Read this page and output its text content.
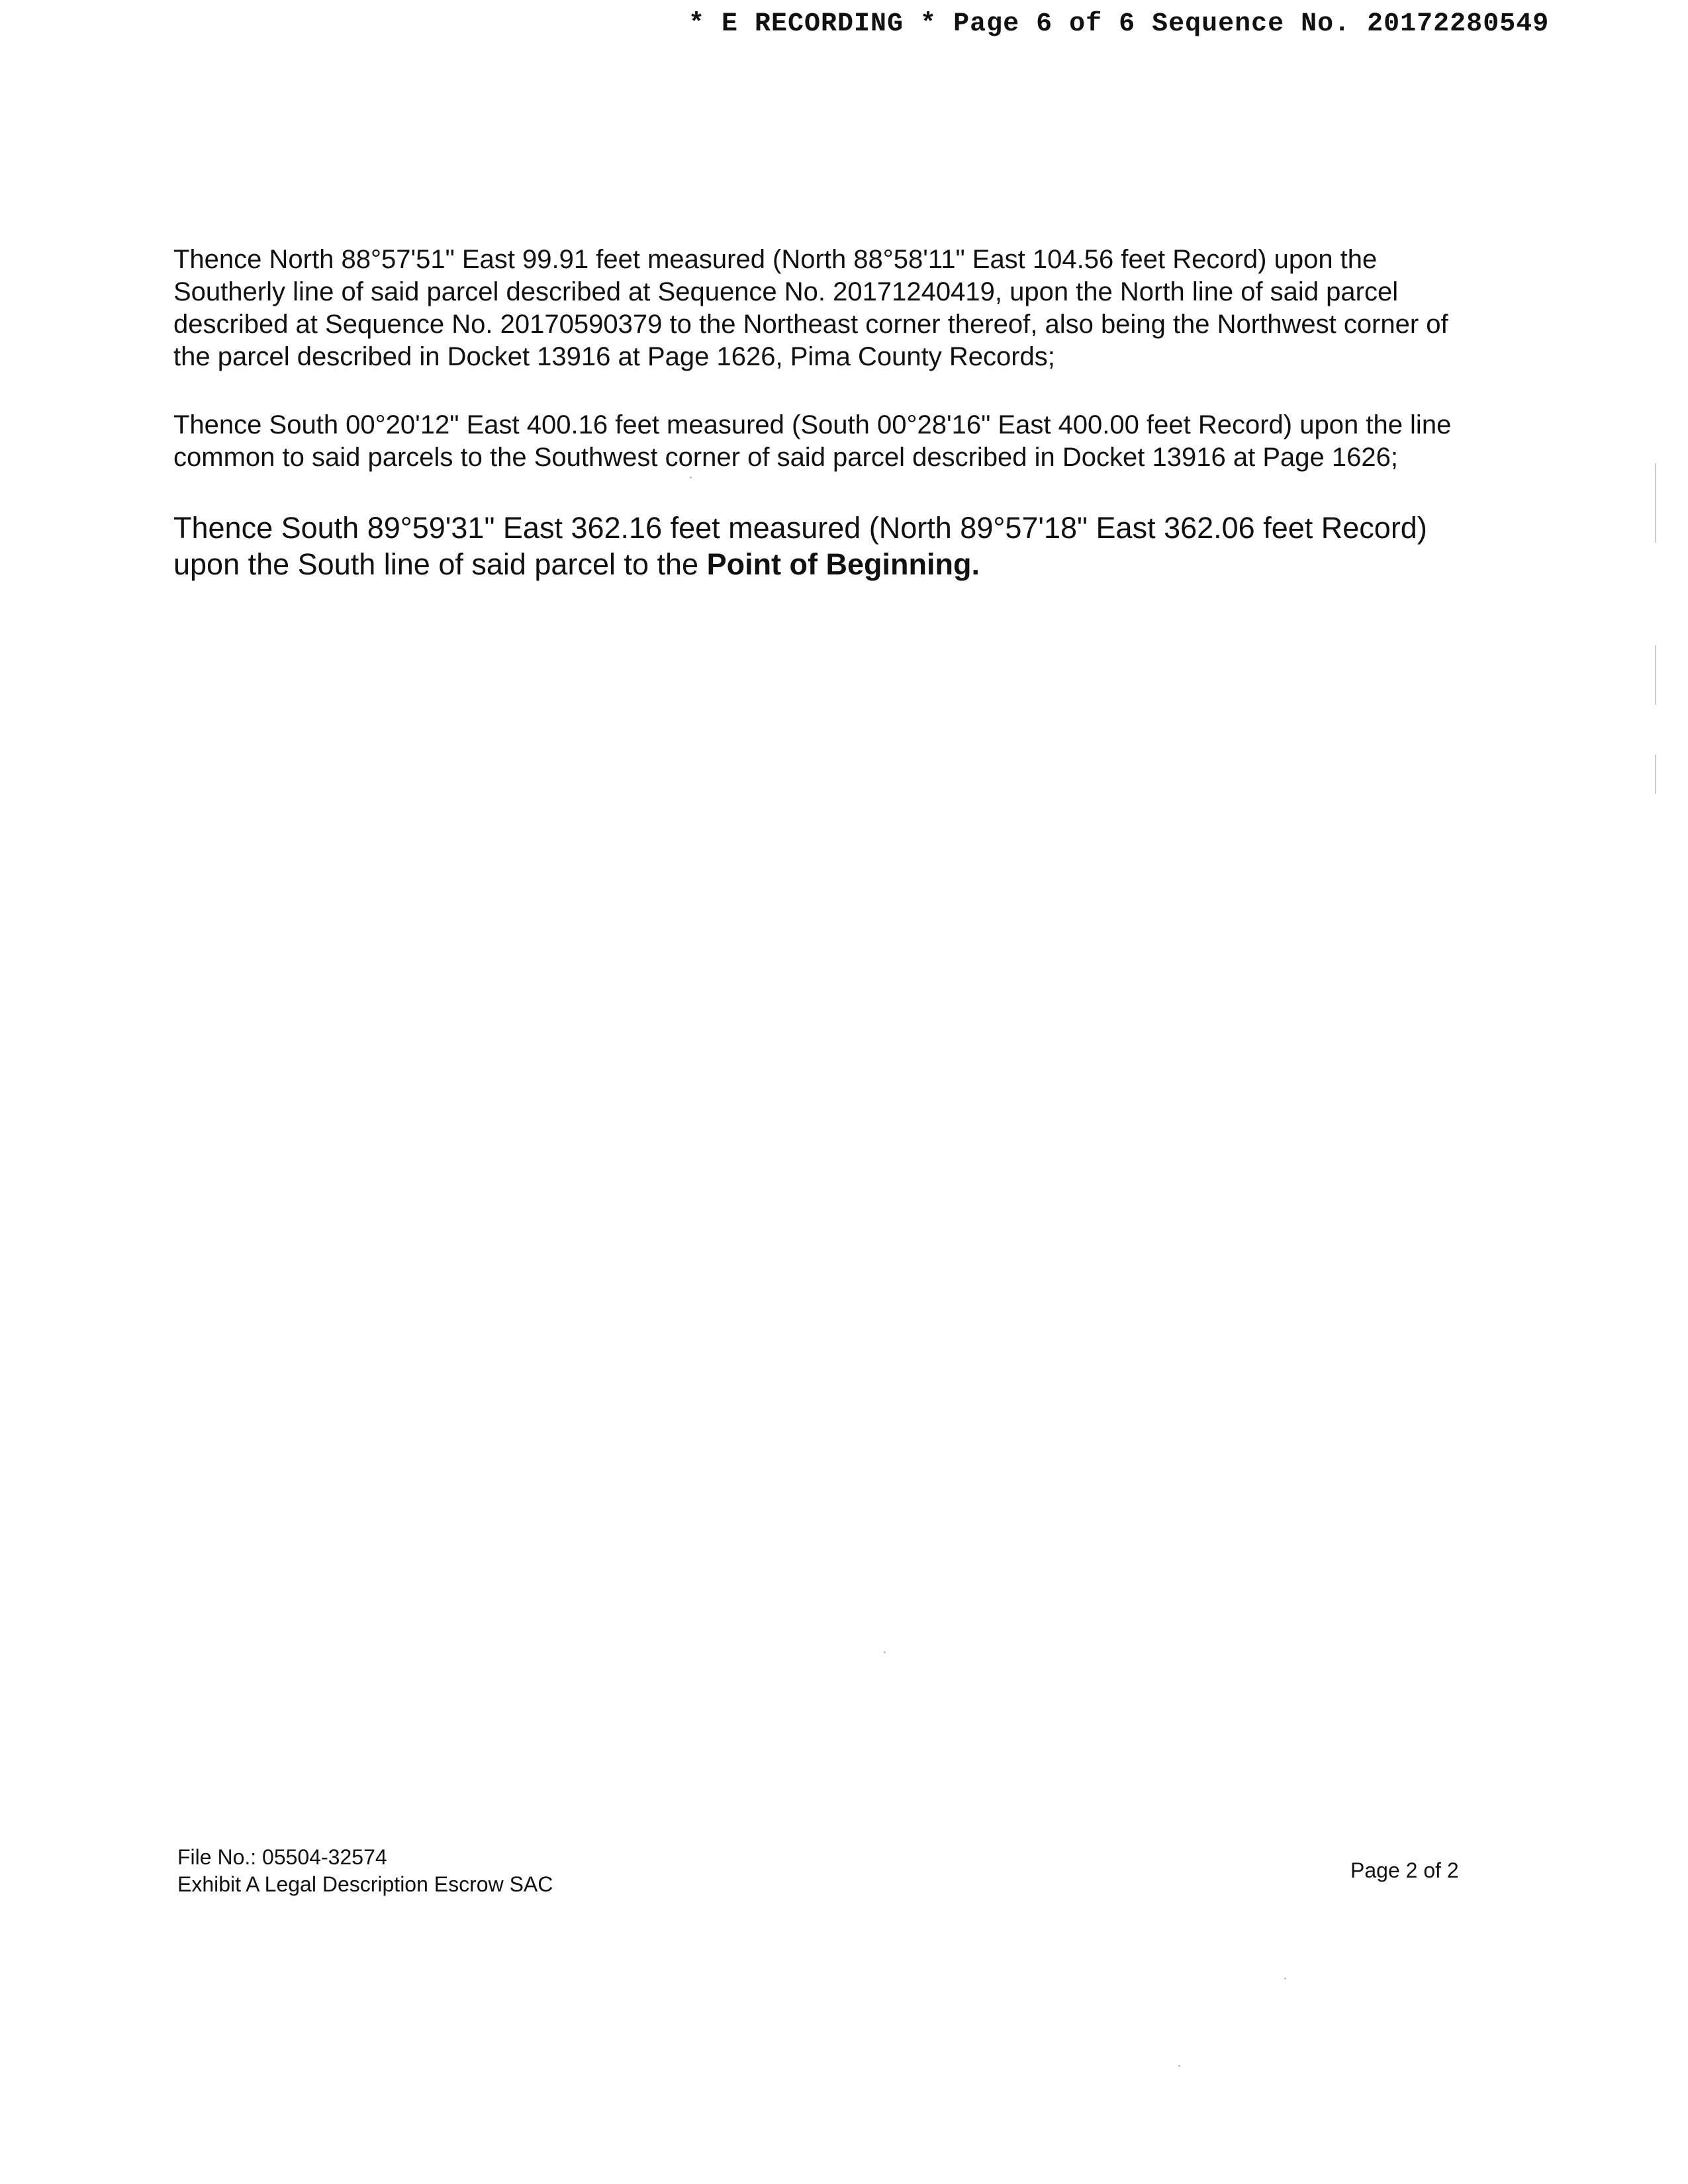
* E RECORDING * Page 6 of 6 Sequence No. 20172280549

Thence North 88°57'51" East 99.91 feet measured (North 88°58'11" East 104.56 feet Record) upon the Southerly line of said parcel described at Sequence No. 20171240419, upon the North line of said parcel described at Sequence No. 20170590379 to the Northeast corner thereof, also being the Northwest corner of the parcel described in Docket 13916 at Page 1626, Pima County Records;

Thence South 00°20'12" East 400.16 feet measured (South 00°28'16" East 400.00 feet Record) upon the line common to said parcels to the Southwest corner of said parcel described in Docket 13916 at Page 1626;

Thence South 89°59'31" East 362.16 feet measured (North 89°57'18" East 362.06 feet Record) upon the South line of said parcel to the Point of Beginning.

File No.: 05504-32574
Exhibit A Legal Description Escrow SAC
Page 2 of 2
